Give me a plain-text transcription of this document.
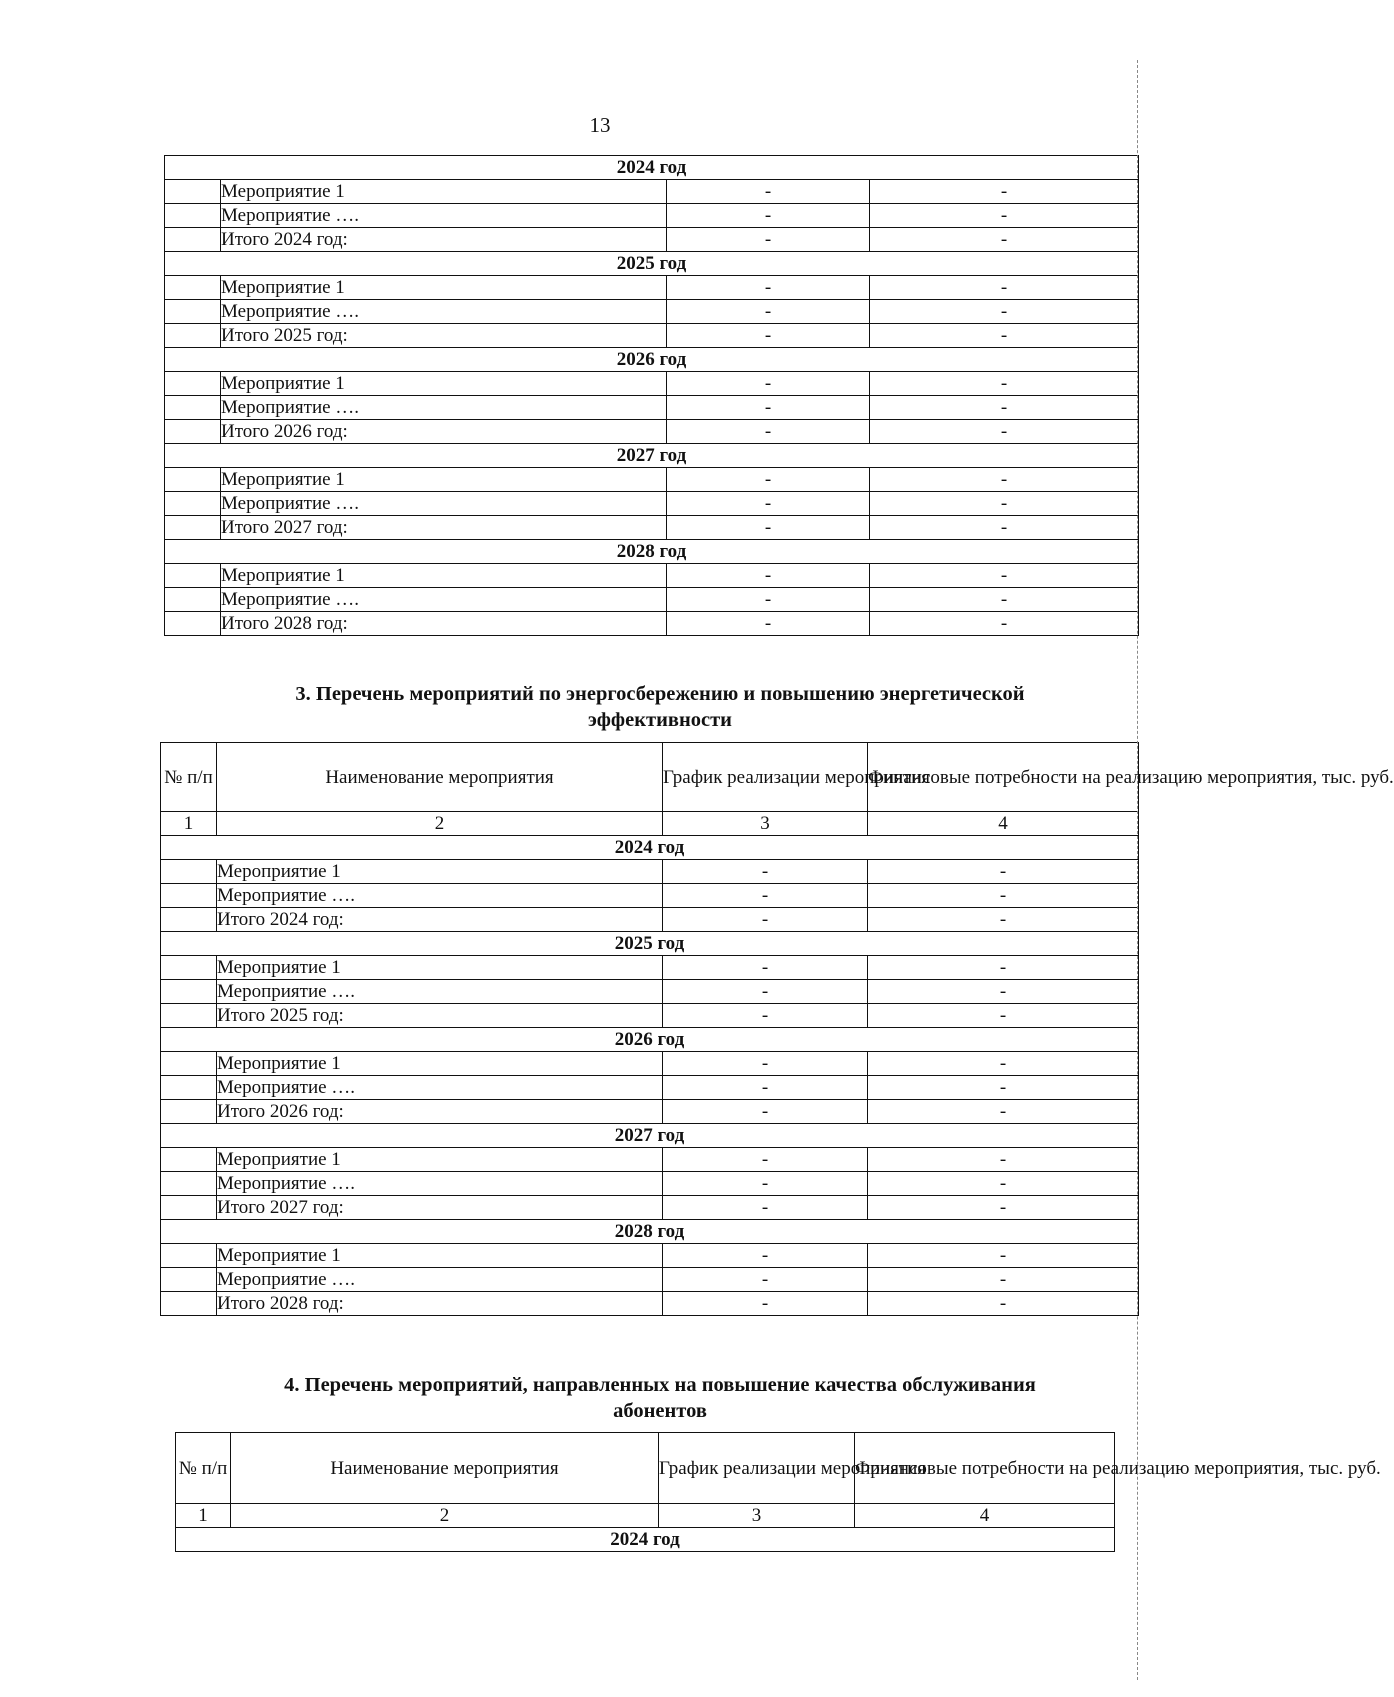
13
2024 год			
	Мероприятие 1	-	-
	Мероприятие ….	-	-
	Итого 2024 год:	-	-
2025 год			
	Мероприятие 1	-	-
	Мероприятие ….	-	-
	Итого 2025 год:	-	-
2026 год			
	Мероприятие 1	-	-
	Мероприятие ….	-	-
	Итого 2026 год:	-	-
2027 год			
	Мероприятие 1	-	-
	Мероприятие ….	-	-
	Итого 2027 год:	-	-
2028 год			
	Мероприятие 1	-	-
	Мероприятие ….	-	-
	Итого 2028 год:	-	-
3. Перечень мероприятий по энергосбережению и повышению энергетической
эффективности
№ п/п	Наименование мероприятия	График реализации мероприятия	Финансовые потребности на реализацию мероприятия, тыс. руб.
1	2	3	4
2024 год			
	Мероприятие 1	-	-
	Мероприятие ….	-	-
	Итого 2024 год:	-	-
2025 год			
	Мероприятие 1	-	-
	Мероприятие ….	-	-
	Итого 2025 год:	-	-
2026 год			
	Мероприятие 1	-	-
	Мероприятие ….	-	-
	Итого 2026 год:	-	-
2027 год			
	Мероприятие 1	-	-
	Мероприятие ….	-	-
	Итого 2027 год:	-	-
2028 год			
	Мероприятие 1	-	-
	Мероприятие ….	-	-
	Итого 2028 год:	-	-
4. Перечень мероприятий, направленных на повышение качества обслуживания
абонентов
№ п/п	Наименование мероприятия	График реализации мероприятия	Финансовые потребности на реализацию мероприятия, тыс. руб.
1	2	3	4
2024 год			
